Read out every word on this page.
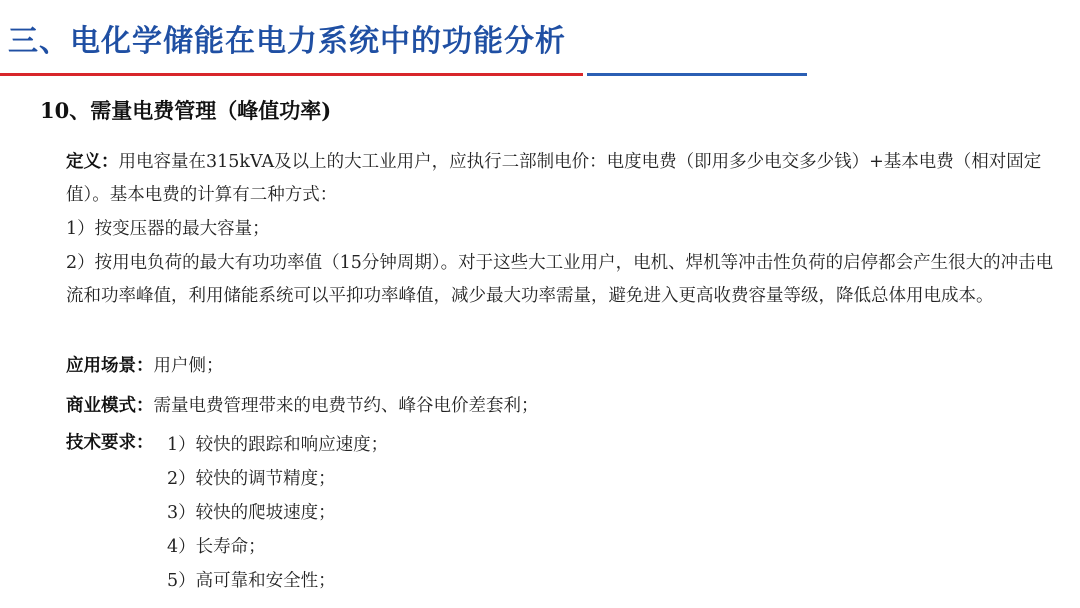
三、电化学储能在电力系统中的功能分析
10、需量电费管理（峰值功率)
定义：用电容量在315kVA及以上的大工业用户，应执行二部制电价：电度电费（即用多少电交多少钱）+基本电费（相对固定值）。基本电费的计算有二种方式：
1）按变压器的最大容量；
2）按用电负荷的最大有功功率值（15分钟周期）。对于这些大工业用户，电机、焊机等冲击性负荷的启停都会产生很大的冲击电流和功率峰值，利用储能系统可以平抑功率峰值，减少最大功率需量，避免进入更高收费容量等级，降低总体用电成本。
应用场景：用户侧；
商业模式：需量电费管理带来的电费节约、峰谷电价差套利；
技术要求： 1）较快的跟踪和响应速度；
2）较快的调节精度；
3）较快的爬坡速度；
4）长寿命；
5）高可靠和安全性；
